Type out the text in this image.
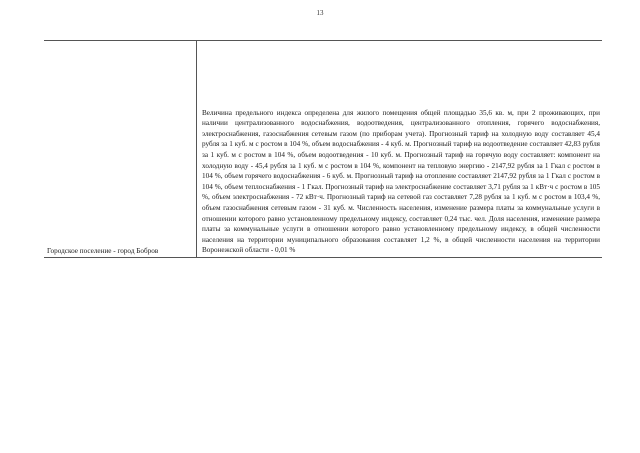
13
Городское поселение - город Бобров

Величина предельного индекса определена для жилого помещения общей площадью 35,6 кв. м, при 2 проживающих, при наличии централизованного водоснабжения, водоотведения, централизованного отопления, горячего водоснабжения, электроснабжения, газоснабжения сетевым газом (по приборам учета). Прогнозный тариф на холодную воду составляет 45,4 рубля за 1 куб. м с ростом в 104 %, объем водоснабжения - 4 куб. м. Прогнозный тариф на водоотведение составляет 42,83 рубля за 1 куб. м с ростом в 104 %, объем водоотведения - 10 куб. м. Прогнозный тариф на горячую воду составляет: компонент на холодную воду - 45,4 рубля за 1 куб. м с ростом в 104 %, компонент на тепловую энергию - 2147,92 рубля за 1 Гкал с ростом в 104 %, объем горячего водоснабжения - 6 куб. м. Прогнозный тариф на отопление составляет 2147,92 рубля за 1 Гкал с ростом в 104 %, объем теплоснабжения - 1 Гкал. Прогнозный тариф на электроснабжение составляет 3,71 рубля за 1 кВт·ч с ростом в 105 %, объем электроснабжения - 72 кВт·ч. Прогнозный тариф на сетевой газ составляет 7,28 рубля за 1 куб. м с ростом в 103,4 %, объем газоснабжения сетевым газом - 31 куб. м. Численность населения, изменение размера платы за коммунальные услуги в отношении которого равно установленному предельному индексу, составляет 0,24 тыс. чел. Доля населения, изменение размера платы за коммунальные услуги в отношении которого равно установленному предельному индексу, в общей численности населения на территории муниципального образования составляет 1,2 %, в общей численности населения на территории Воронежской области - 0,01 %
